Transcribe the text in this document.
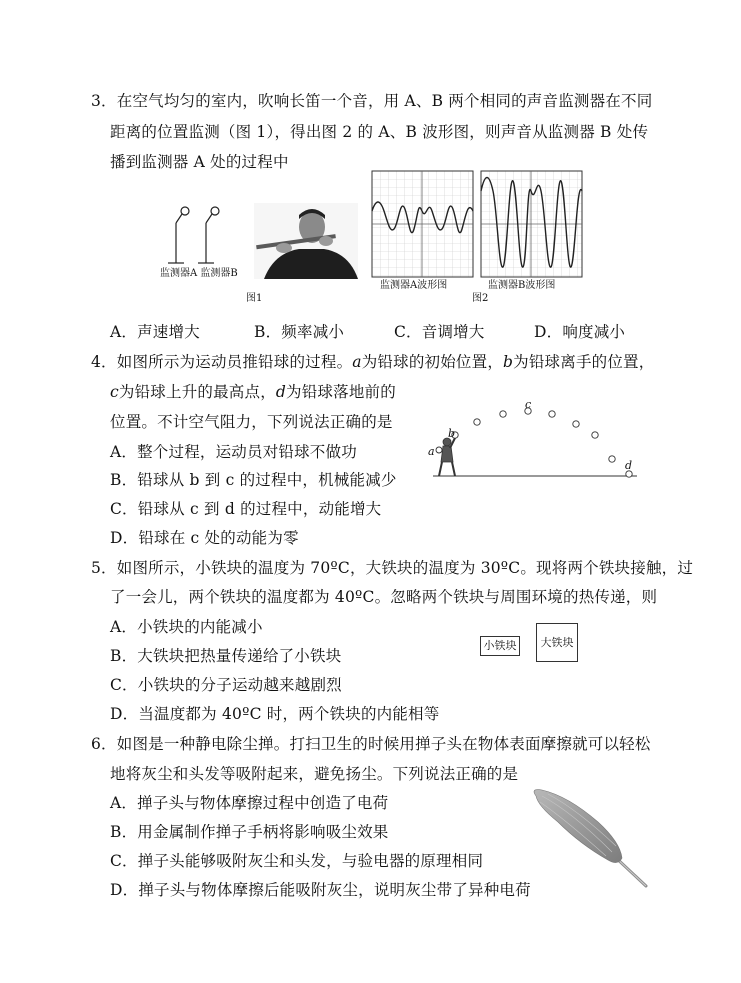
3．在空气均匀的室内，吹响长笛一个音，用 A、B 两个相同的声音监测器在不同
距离的位置监测（图 1），得出图 2 的 A、B 波形图，则声音从监测器 B 处传
播到监测器 A 处的过程中
监测器A 监测器B
图1
监测器A波形图	监测器B波形图
图2
A．声速增大	B．频率减小	C．音调增大	D．响度减小
4．如图所示为运动员推铅球的过程。a为铅球的初始位置，b为铅球离手的位置，
c为铅球上升的最高点，d为铅球落地前的
位置。不计空气阻力，下列说法正确的是
A．整个过程，运动员对铅球不做功
B．铅球从 b 到 c 的过程中，机械能减少
C．铅球从 c 到 d 的过程中，动能增大
D．铅球在 c 处的动能为零
a
b
c
d
5．如图所示，小铁块的温度为 70ºC，大铁块的温度为 30ºC。现将两个铁块接触，过
了一会儿，两个铁块的温度都为 40ºC。忽略两个铁块与周围环境的热传递，则
A．小铁块的内能减小
B．大铁块把热量传递给了小铁块
C．小铁块的分子运动越来越剧烈
D．当温度都为 40ºC 时，两个铁块的内能相等
小铁块	大铁块
6．如图是一种静电除尘掸。打扫卫生的时候用掸子头在物体表面摩擦就可以轻松
地将灰尘和头发等吸附起来，避免扬尘。下列说法正确的是
A．掸子头与物体摩擦过程中创造了电荷
B．用金属制作掸子手柄将影响吸尘效果
C．掸子头能够吸附灰尘和头发，与验电器的原理相同
D．掸子头与物体摩擦后能吸附灰尘，说明灰尘带了异种电荷
